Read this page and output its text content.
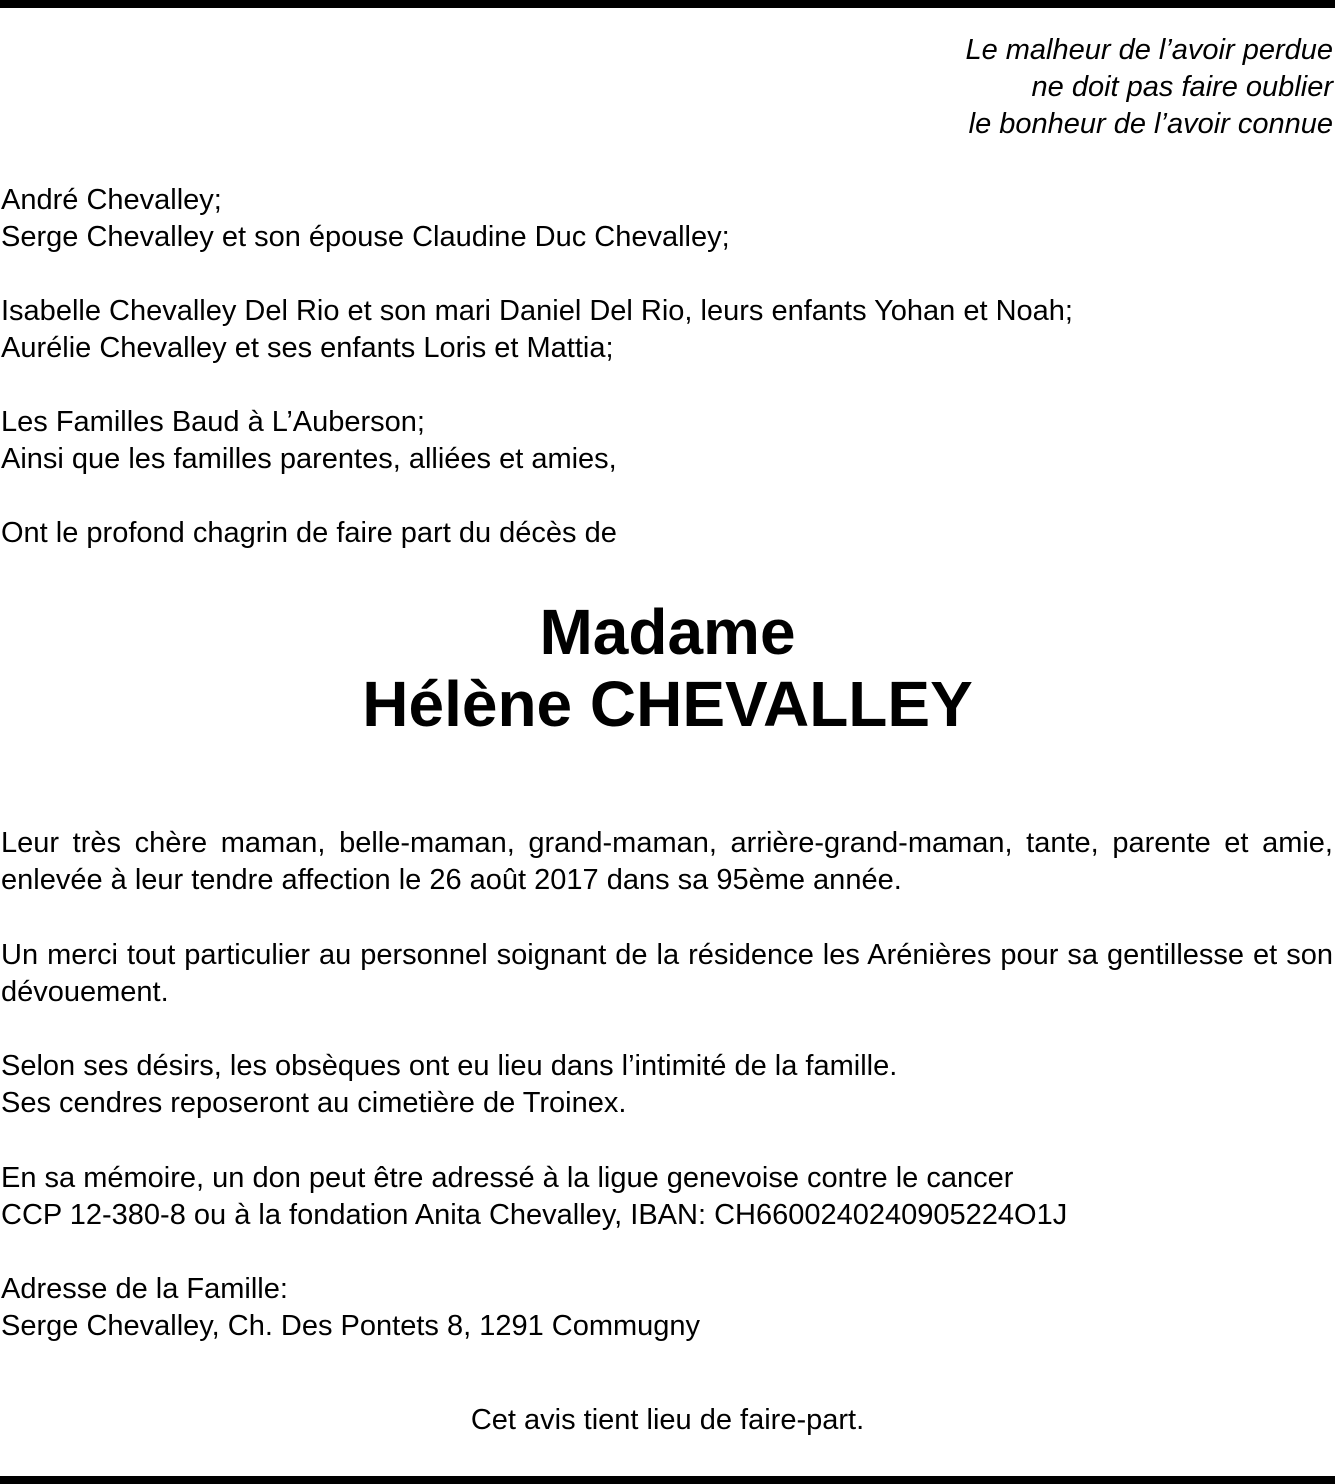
Le malheur de l’avoir perdue
ne doit pas faire oublier
le bonheur de l’avoir connue
André Chevalley;
Serge Chevalley et son épouse Claudine Duc Chevalley;
Isabelle Chevalley Del Rio et son mari Daniel Del Rio, leurs enfants Yohan et Noah;
Aurélie Chevalley et ses enfants Loris et Mattia;
Les Familles Baud à L’Auberson;
Ainsi que les familles parentes, alliées et amies,
Ont le profond chagrin de faire part du décès de
Madame
Hélène CHEVALLEY
Leur très chère maman, belle-maman, grand-maman, arrière-grand-maman, tante, parente et amie, enlevée à leur tendre affection le 26 août 2017 dans sa 95ème année.
Un merci tout particulier au personnel soignant de la résidence les Arénières pour sa gentillesse et son dévouement.
Selon ses désirs, les obsèques ont eu lieu dans l’intimité de la famille.
Ses cendres reposeront au cimetière de Troinex.
En sa mémoire, un don peut être adressé à la ligue genevoise contre le cancer
CCP 12-380-8 ou à la fondation Anita Chevalley, IBAN: CH6600240240905224O1J
Adresse de la Famille:
Serge Chevalley, Ch. Des Pontets 8, 1291 Commugny
Cet avis tient lieu de faire-part.
